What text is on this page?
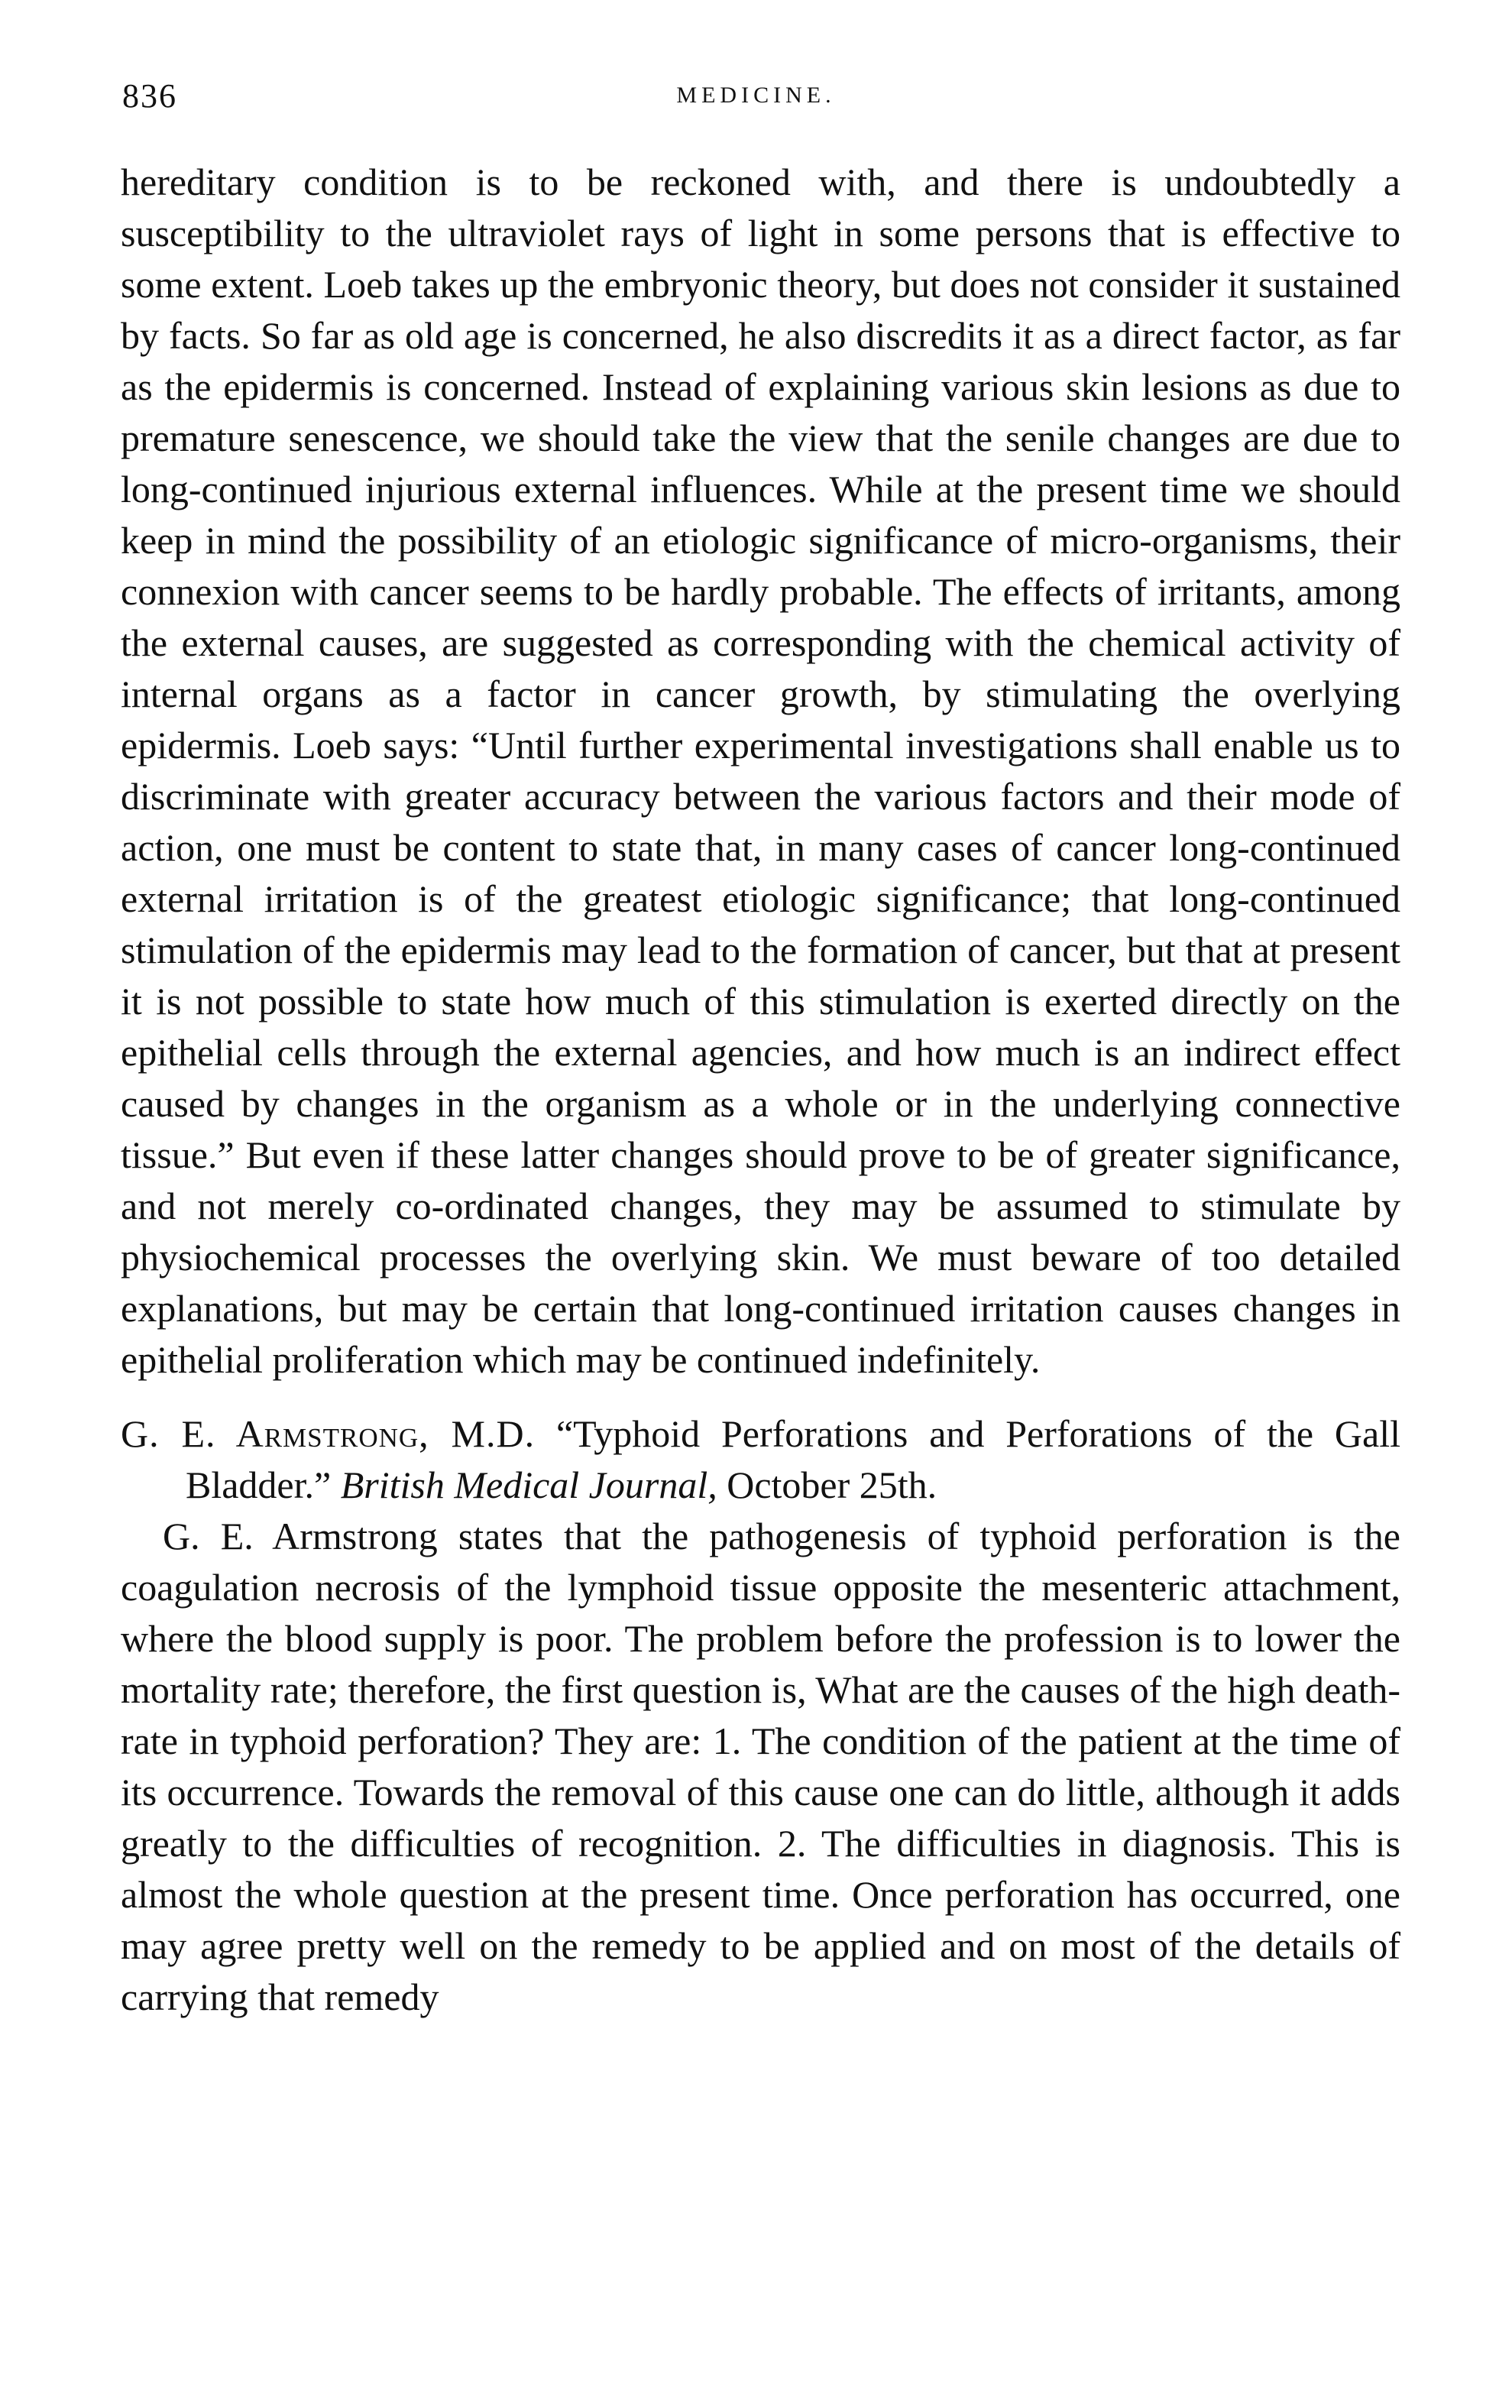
836	MEDICINE.

hereditary condition is to be reckoned with, and there is undoubtedly a susceptibility to the ultraviolet rays of light in some persons that is effective to some extent. Loeb takes up the embryonic theory, but does not consider it sustained by facts. So far as old age is concerned, he also discredits it as a direct factor, as far as the epidermis is concerned. Instead of explaining various skin lesions as due to premature senescence, we should take the view that the senile changes are due to long-continued injurious external influences. While at the present time we should keep in mind the possibility of an etiologic significance of micro-organisms, their connexion with cancer seems to be hardly probable. The effects of irritants, among the external causes, are suggested as corresponding with the chemical activity of internal organs as a factor in cancer growth, by stimulating the overlying epidermis. Loeb says: “Until further experimental investigations shall enable us to discriminate with greater accuracy between the various factors and their mode of action, one must be content to state that, in many cases of cancer long-continued external irritation is of the greatest etiologic significance; that long-continued stimulation of the epidermis may lead to the formation of cancer, but that at present it is not possible to state how much of this stimulation is exerted directly on the epithelial cells through the external agencies, and how much is an indirect effect caused by changes in the organism as a whole or in the underlying connective tissue.” But even if these latter changes should prove to be of greater significance, and not merely co-ordinated changes, they may be assumed to stimulate by physiochemical processes the overlying skin. We must beware of too detailed explanations, but may be certain that long-continued irritation causes changes in epithelial proliferation which may be continued indefinitely.

G. E. Armstrong, M.D. “Typhoid Perforations and Perforations of the Gall Bladder.” British Medical Journal, October 25th.

G. E. Armstrong states that the pathogenesis of typhoid perforation is the coagulation necrosis of the lymphoid tissue opposite the mesenteric attachment, where the blood supply is poor. The problem before the profession is to lower the mortality rate; therefore, the first question is, What are the causes of the high death-rate in typhoid perforation? They are: 1. The condition of the patient at the time of its occurrence. Towards the removal of this cause one can do little, although it adds greatly to the difficulties of recognition. 2. The difficulties in diagnosis. This is almost the whole question at the present time. Once perforation has occurred, one may agree pretty well on the remedy to be applied and on most of the details of carrying that remedy
